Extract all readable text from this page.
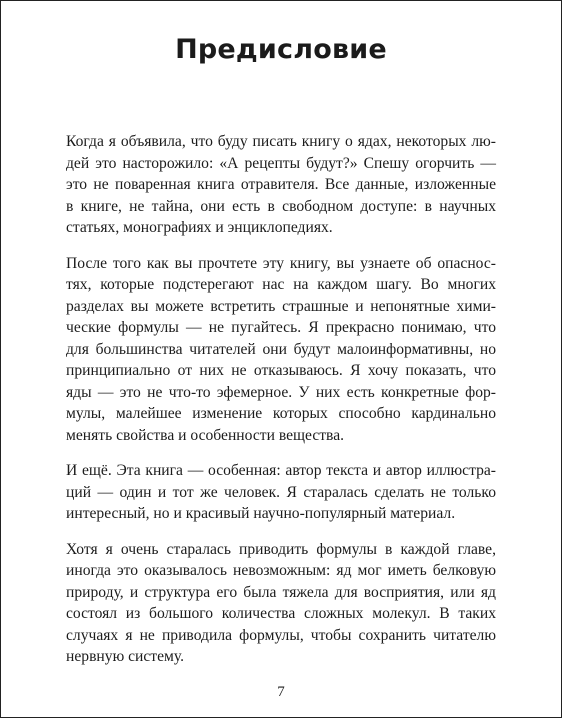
Предисловие

Когда я объявила, что буду писать книгу о ядах, некоторых лю-
дей это насторожило: «А рецепты будут?» Спешу огорчить —
это не поваренная книга отравителя. Все данные, изложенные
в книге, не тайна, они есть в свободном доступе: в научных
статьях, монографиях и энциклопедиях.

После того как вы прочтете эту книгу, вы узнаете об опаснос-
тях, которые подстерегают нас на каждом шагу. Во многих
разделах вы можете встретить страшные и непонятные хими-
ческие формулы — не пугайтесь. Я прекрасно понимаю, что
для большинства читателей они будут малоинформативны, но
принципиально от них не отказываюсь. Я хочу показать, что
яды — это не что-то эфемерное. У них есть конкретные фор-
мулы, малейшее изменение которых способно кардинально
менять свойства и особенности вещества.

И ещё. Эта книга — особенная: автор текста и автор иллюстра-
ций — один и тот же человек. Я старалась сделать не только
интересный, но и красивый научно-популярный материал.

Хотя я очень старалась приводить формулы в каждой главе,
иногда это оказывалось невозможным: яд мог иметь белковую
природу, и структура его была тяжела для восприятия, или яд
состоял из большого количества сложных молекул. В таких
случаях я не приводила формулы, чтобы сохранить читателю
нервную систему.

7
